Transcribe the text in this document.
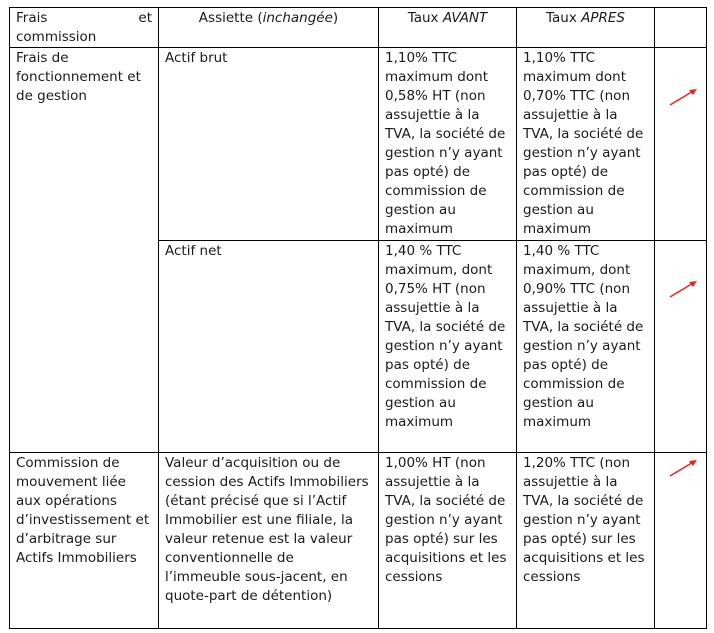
Frais et
commission	Assiette (inchangée)	Taux AVANT	Taux APRES	
Frais de fonctionnement et de gestion	Actif brut	1,10% TTC maximum dont 0,58% HT (non assujettie à la TVA, la société de gestion n’y ayant pas opté) de commission de gestion au maximum	1,10% TTC maximum dont 0,70% TTC (non assujettie à la TVA, la société de gestion n’y ayant pas opté) de commission de gestion au maximum	

	Actif net	1,40 % TTC maximum, dont 0,75% HT (non assujettie à la TVA, la société de gestion n’y ayant pas opté) de commission de gestion au maximum	1,40 % TTC maximum, dont 0,90% TTC (non assujettie à la TVA, la société de gestion n’y ayant pas opté) de commission de gestion au maximum	

Commission de mouvement liée aux opérations d’investissement et d’arbitrage sur Actifs Immobiliers	Valeur d’acquisition ou de cession des Actifs Immobiliers (étant précisé que si l’Actif Immobilier est une filiale, la valeur retenue est la valeur conventionnelle de l’immeuble sous-jacent, en quote-part de détention)	1,00% HT (non assujettie à la TVA, la société de gestion n’y ayant pas opté) sur les acquisitions et les cessions	1,20% TTC (non assujettie à la TVA, la société de gestion n’y ayant pas opté) sur les acquisitions et les cessions	
